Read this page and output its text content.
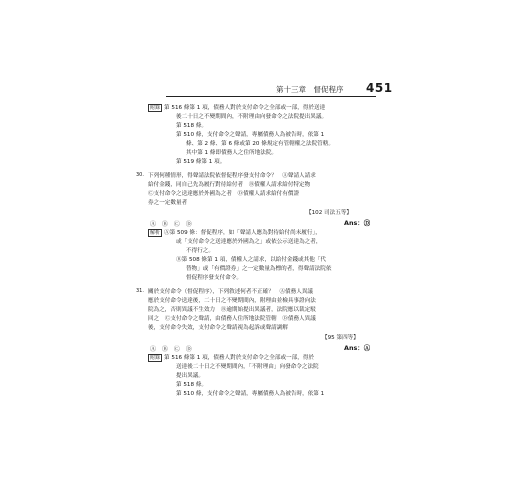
第十三章　督促程序 451
附錄 第 516 條第 1 項，債務人對於支付命令之全部或一部，得於送達
後二十日之不變期間內，不附理由向發命令之法院提出異議。
第 518 條。
第 510 條，支付命令之聲請，專屬債務人為被告時，依第 1
條、第 2 條、第 6 條或第 20 條規定有管轄權之法院管轄。
其中第 1 條即債務人之住所地法院。
第 519 條第 1 項。
30. 下列何種情形，得聲請法院依督促程序發支付命令？　Ⓐ聲請人請求
給付金錢，同自己先為履行對待給付者　Ⓑ債權人請求給付特定物
Ⓒ支付命令之送達應於外國為之者　Ⓓ債權人請求給付有價證
券之一定數量者
【102 司法五等】
Ⓐ Ⓑ Ⓒ Ⓓ	Ans：Ⓓ
解析 Ⓐ第 509 條：督促程序，如「聲請人應為對待給付尚未履行」，
或「支付命令之送達應於外國為之」或依公示送達為之者，
不得行之。
Ⓑ第 508 條第 1 項，債權人之請求，以給付金錢或其他「代
替物」或「有價證券」之一定數量為標的者，得聲請法院依
督促程序發支付命令。
31. 關於支付命令（督促程序），下列敘述何者不正確？　Ⓐ債務人異議
應於支付命令送達後，二十日之不變期間內，附理由並檢具事證向法
院為之，否則異議不生效力　Ⓑ逾期始提出異議者，法院應以裁定駁
回之　Ⓒ支付命令之聲請，由債務人住所地法院管轄　Ⓓ債務人異議
後，支付命令失效，支付命令之聲請視為起訴或聲請調解
【95 第四等】
Ⓐ Ⓑ Ⓒ Ⓓ	Ans：Ⓐ
附錄 第 516 條第 1 項，債務人對於支付命令之全部或一部，得於
送達後二十日之不變期間內，「不附理由」向發命令之法院
提出異議。
第 518 條。
第 510 條，支付命令之聲請，專屬債務人為被告時，依第 1
